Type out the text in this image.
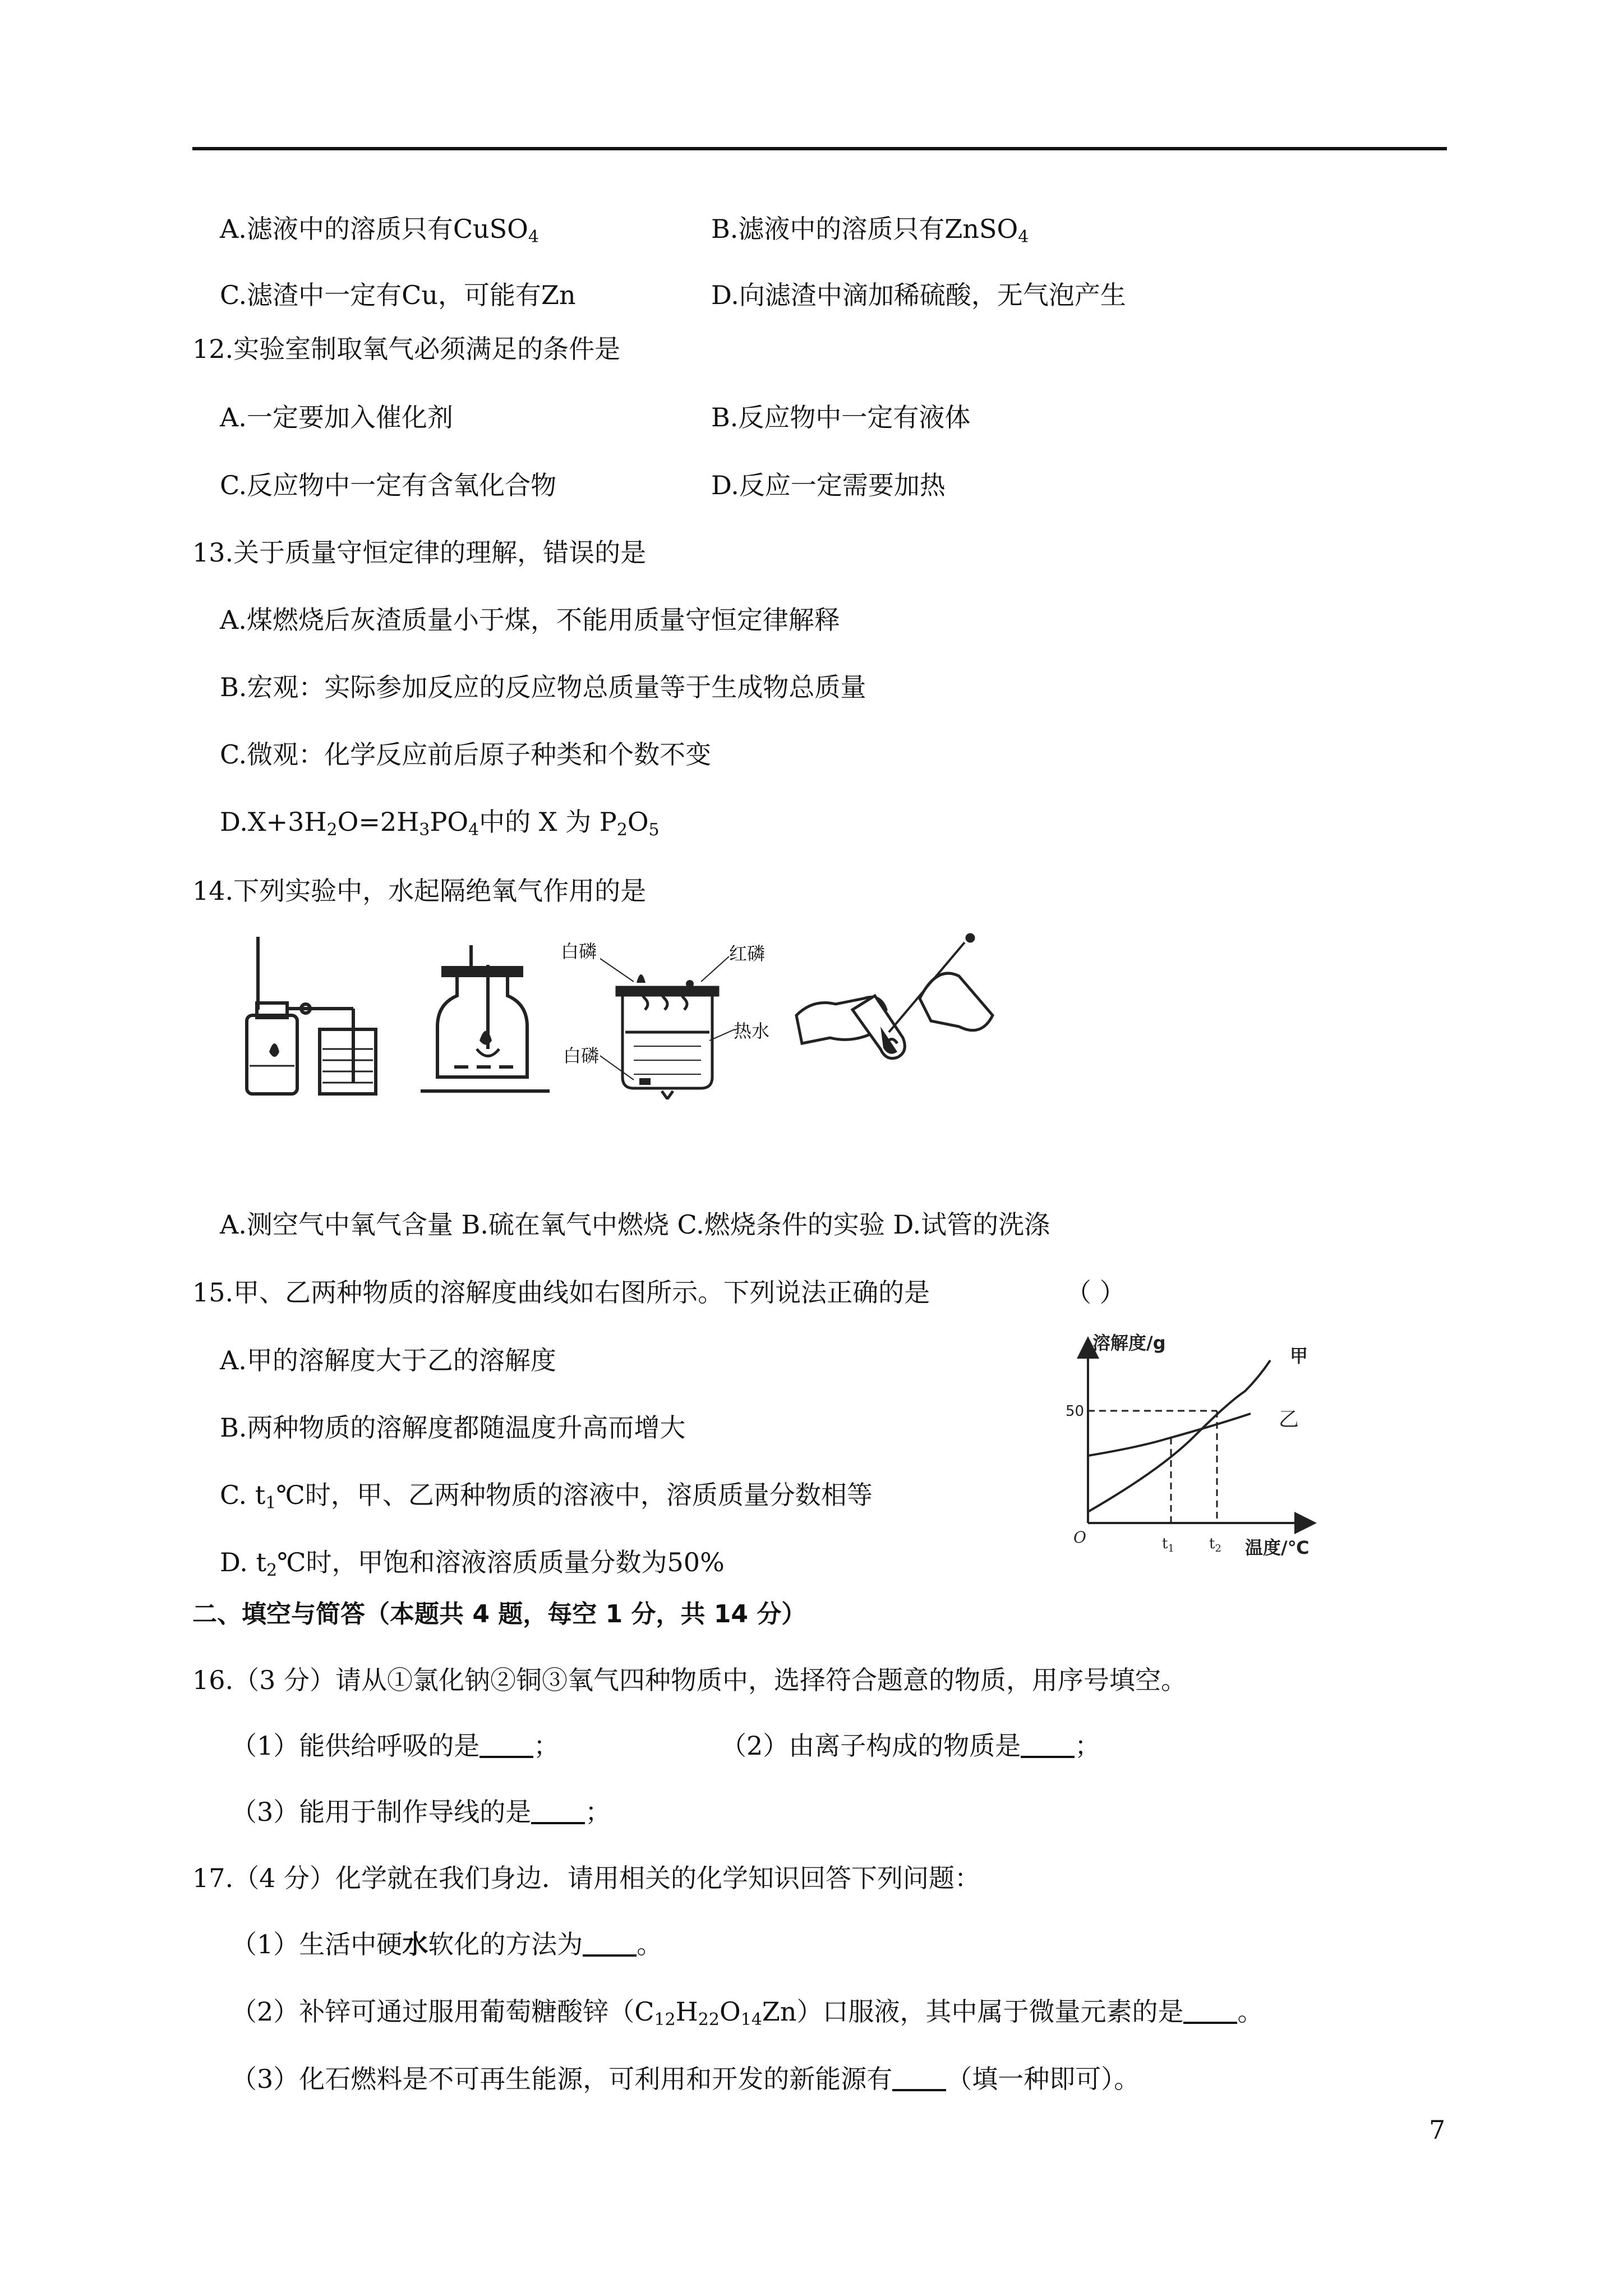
A.滤液中的溶质只有CuSO$_4$	B.滤液中的溶质只有ZnSO$_4$
C.滤渣中一定有Cu，可能有Zn	D.向滤渣中滴加稀硫酸，无气泡产生
12.实验室制取氧气必须满足的条件是
A.一定要加入催化剂	B.反应物中一定有液体
C.反应物中一定有含氧化合物	D.反应一定需要加热
13.关于质量守恒定律的理解，错误的是
A.煤燃烧后灰渣质量小于煤，不能用质量守恒定律解释
B.宏观：实际参加反应的反应物总质量等于生成物总质量
C.微观：化学反应前后原子种类和个数不变
$D.X+3H_2O=2H_3PO_4$中的 X 为 $P_2O_5$
14.下列实验中，水起隔绝氧气作用的是
白磷	红磷
热水
白磷
A.测空气中氧气含量 B.硫在氧气中燃烧 C.燃烧条件的实验 D.试管的洗涤
15.甲、乙两种物质的溶解度曲线如右图所示。下列说法正确的是	（ ）
A.甲的溶解度大于乙的溶解度
B.两种物质的溶解度都随温度升高而增大
C. $t_1℃$时，甲、乙两种物质的溶液中，溶质质量分数相等
D. $t_2℃$时，甲饱和溶液溶质质量分数为50%
溶解度/g
温度/℃
O
50
$t_1$ $t_2$
甲
乙
二、填空与简答（本题共 4 题，每空 1 分，共 14 分）
16.（3 分）请从①氯化钠②铜③氧气四种物质中，选择符合题意的物质，用序号填空。
（1）能供给呼吸的是 ；	（2）由离子构成的物质是 ；
（3）能用于制作导线的是 ；
17.（4 分）化学就在我们身边．请用相关的化学知识回答下列问题：
（1）生活中硬水软化的方法为 。
（2）补锌可通过服用葡萄糖酸锌$(C_{12}H_{22}O_{14}Zn)$口服液，其中属于微量元素的是 。
（3）化石燃料是不可再生能源，可利用和开发的新能源有 （填一种即可）。
7
